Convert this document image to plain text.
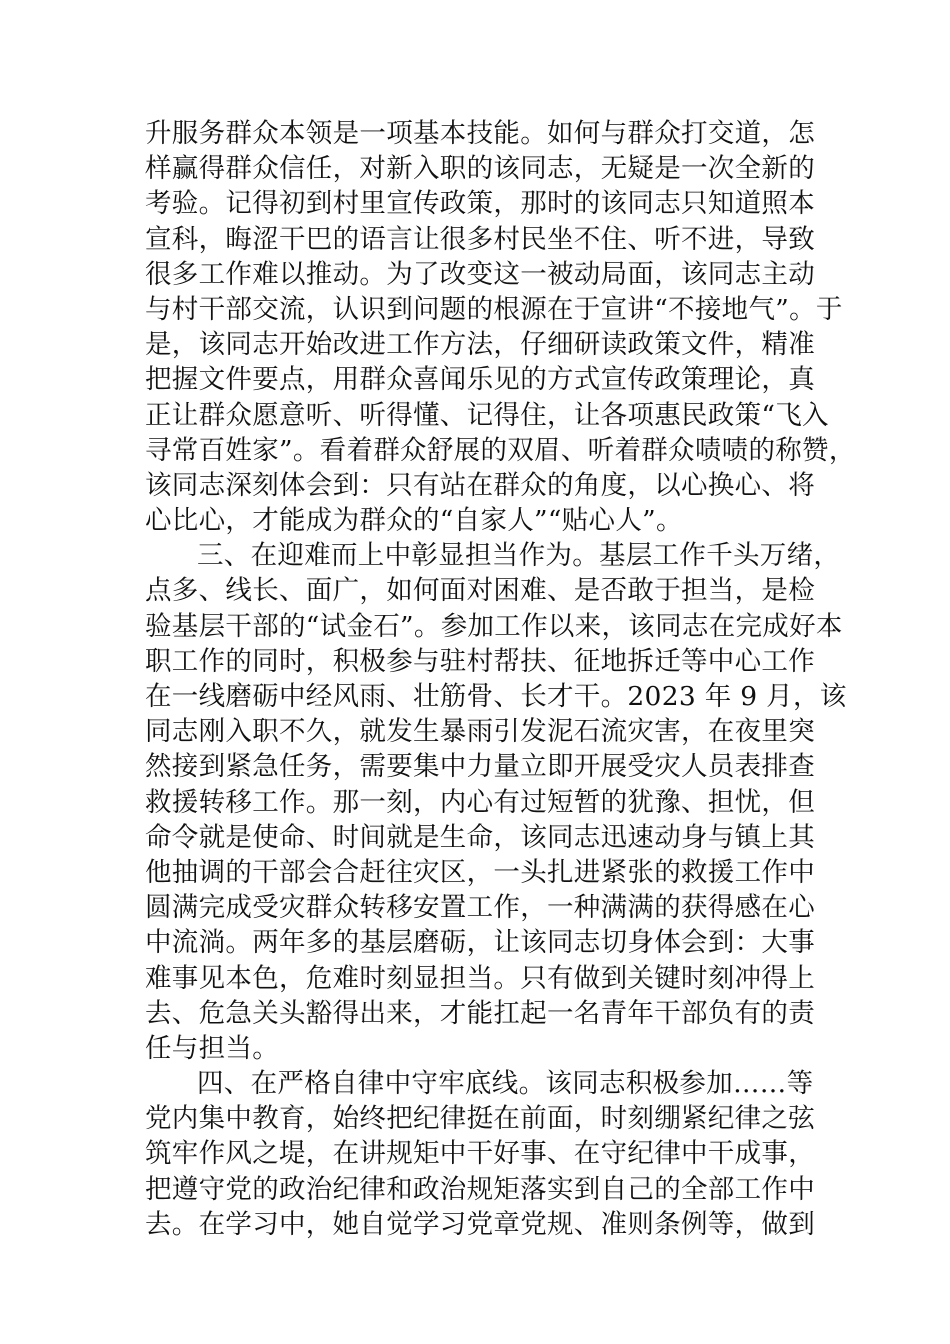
升服务群众本领是一项基本技能。如何与群众打交道，怎
样赢得群众信任，对新入职的该同志，无疑是一次全新的
考验。记得初到村里宣传政策，那时的该同志只知道照本
宣科，晦涩干巴的语言让很多村民坐不住、听不进，导致
很多工作难以推动。为了改变这一被动局面，该同志主动
与村干部交流，认识到问题的根源在于宣讲“不接地气”。于
是，该同志开始改进工作方法，仔细研读政策文件，精准
把握文件要点，用群众喜闻乐见的方式宣传政策理论，真
正让群众愿意听、听得懂、记得住，让各项惠民政策“飞入
寻常百姓家”。看着群众舒展的双眉、听着群众啧啧的称赞，
该同志深刻体会到：只有站在群众的角度，以心换心、将
心比心，才能成为群众的“自家人”“贴心人”。
三、在迎难而上中彰显担当作为。基层工作千头万绪，
点多、线长、面广，如何面对困难、是否敢于担当，是检
验基层干部的“试金石”。参加工作以来，该同志在完成好本
职工作的同时，积极参与驻村帮扶、征地拆迁等中心工作
在一线磨砺中经风雨、壮筋骨、长才干。2023 年 9 月，该
同志刚入职不久，就发生暴雨引发泥石流灾害，在夜里突
然接到紧急任务，需要集中力量立即开展受灾人员表排查
救援转移工作。那一刻，内心有过短暂的犹豫、担忧，但
命令就是使命、时间就是生命，该同志迅速动身与镇上其
他抽调的干部会合赶往灾区，一头扎进紧张的救援工作中
圆满完成受灾群众转移安置工作，一种满满的获得感在心
中流淌。两年多的基层磨砺，让该同志切身体会到：大事
难事见本色，危难时刻显担当。只有做到关键时刻冲得上
去、危急关头豁得出来，才能扛起一名青年干部负有的责
任与担当。
四、在严格自律中守牢底线。该同志积极参加……等
党内集中教育，始终把纪律挺在前面，时刻绷紧纪律之弦
筑牢作风之堤，在讲规矩中干好事、在守纪律中干成事，
把遵守党的政治纪律和政治规矩落实到自己的全部工作中
去。在学习中，她自觉学习党章党规、准则条例等，做到
